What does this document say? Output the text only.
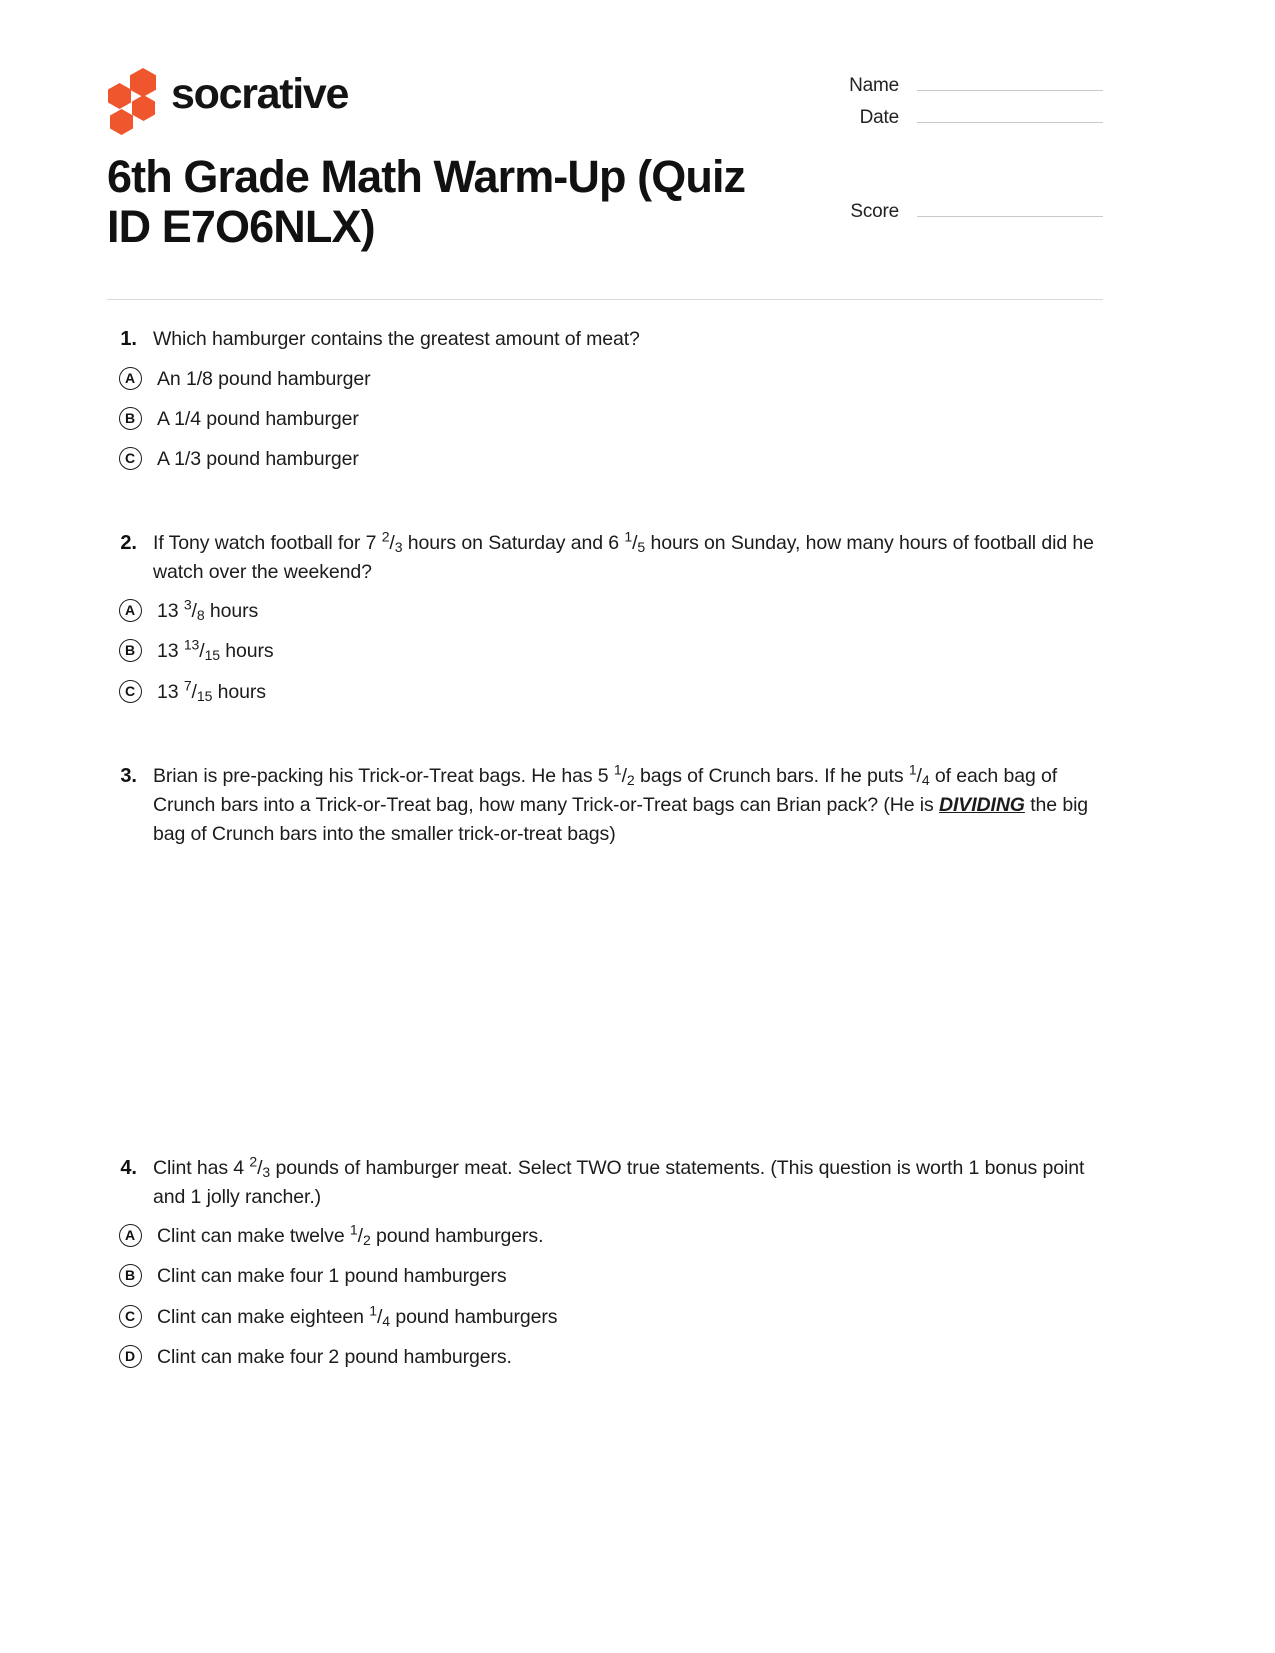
socrative	Name
Date
Score
6th Grade Math Warm-Up (Quiz
ID E7O6NLX)
1. Which hamburger contains the greatest amount of meat?
A	An 1/8 pound hamburger
B	A 1/4 pound hamburger
C	A 1/3 pound hamburger
2. If Tony watch football for 7 $^2/_3$ hours on Saturday and 6 $^1/_5$ hours on Sunday, how many hours of football did he watch over the weekend?
A	13 $^3/_8$ hours
B	13 $^{13}/_{15}$ hours
C	13 $^7/_{15}$ hours
3. Brian is pre-packing his Trick-or-Treat bags. He has 5 $^1/_2$ bags of Crunch bars. If he puts $^1/_4$ of each bag of Crunch bars into a Trick-or-Treat bag, how many Trick-or-Treat bags can Brian pack? (He is DIVIDING the big bag of Crunch bars into the smaller trick-or-treat bags)
4. Clint has 4 $^2/_3$ pounds of hamburger meat. Select TWO true statements. (This question is worth 1 bonus point and 1 jolly rancher.)
A	Clint can make twelve $^1/_2$ pound hamburgers.
B	Clint can make four 1 pound hamburgers
C	Clint can make eighteen $^1/_4$ pound hamburgers
D	Clint can make four 2 pound hamburgers.
